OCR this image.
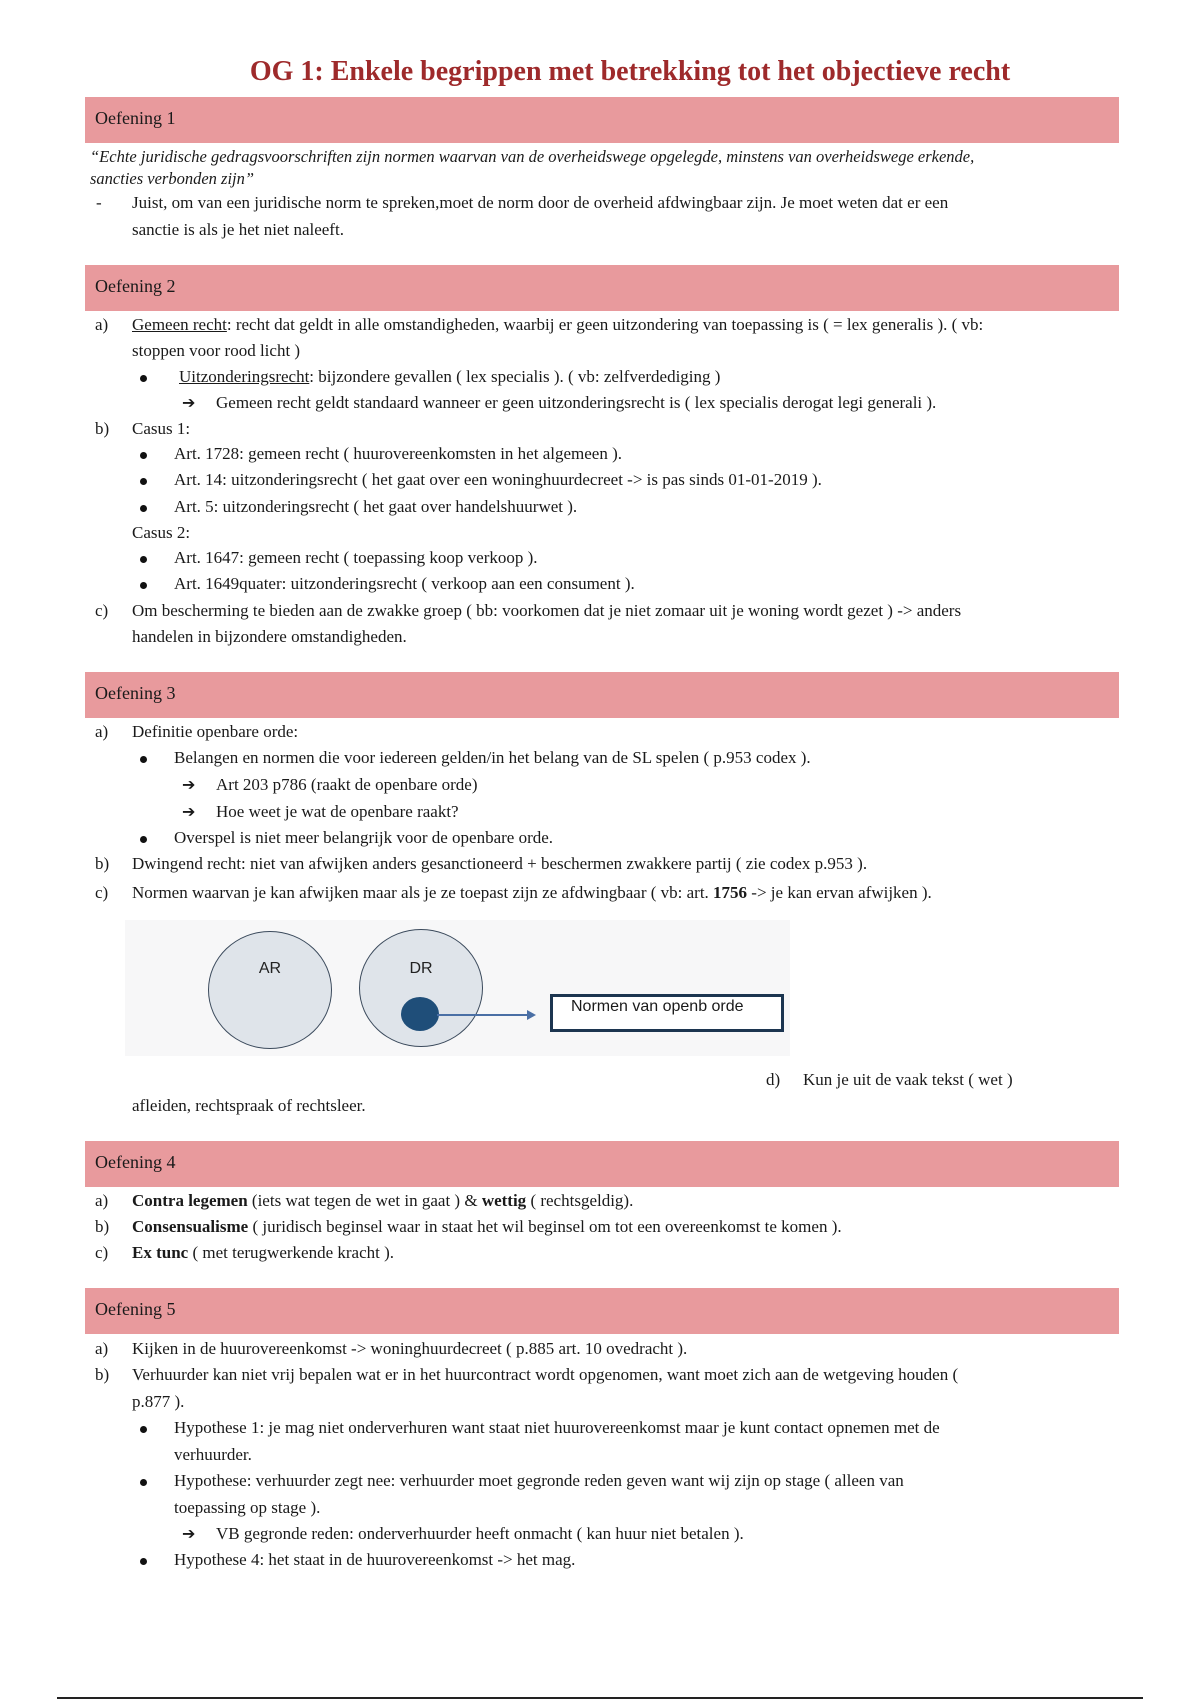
OG 1: Enkele begrippen met betrekking tot het objectieve recht
Oefening 1
“Echte juridische gedragsvoorschriften zijn normen waarvan van de overheidswege opgelegde, minstens van overheidswege erkende,
sancties verbonden zijn”
- Juist, om van een juridische norm te spreken,moet de norm door de overheid afdwingbaar zijn. Je moet weten dat er een
sanctie is als je het niet naleeft.
Oefening 2
a) Gemeen recht: recht dat geldt in alle omstandigheden, waarbij er geen uitzondering van toepassing is ( = lex generalis ). ( vb:
stoppen voor rood licht )
Uitzonderingsrecht: bijzondere gevallen ( lex specialis ). ( vb: zelfverdediging )
➔ Gemeen recht geldt standaard wanneer er geen uitzonderingsrecht is ( lex specialis derogat legi generali ).
b) Casus 1:
Art. 1728: gemeen recht ( huurovereenkomsten in het algemeen ).
Art. 14: uitzonderingsrecht ( het gaat over een woninghuurdecreet -> is pas sinds 01-01-2019 ).
Art. 5: uitzonderingsrecht ( het gaat over handelshuurwet ).
Casus 2:
Art. 1647: gemeen recht ( toepassing koop verkoop ).
Art. 1649quater: uitzonderingsrecht ( verkoop aan een consument ).
c) Om bescherming te bieden aan de zwakke groep ( bb: voorkomen dat je niet zomaar uit je woning wordt gezet ) -> anders
handelen in bijzondere omstandigheden.
Oefening 3
a) Definitie openbare orde:
Belangen en normen die voor iedereen gelden/in het belang van de SL spelen ( p.953 codex ).
➔ Art 203 p786 (raakt de openbare orde)
➔ Hoe weet je wat de openbare raakt?
Overspel is niet meer belangrijk voor de openbare orde.
b) Dwingend recht: niet van afwijken anders gesanctioneerd + beschermen zwakkere partij ( zie codex p.953 ).
c) Normen waarvan je kan afwijken maar als je ze toepast zijn ze afdwingbaar ( vb: art. 1756 -> je kan ervan afwijken ).
AR	DR
Normen van openb orde
d) Kun je uit de vaak tekst ( wet )
afleiden, rechtspraak of rechtsleer.
Oefening 4
a) Contra legemen (iets wat tegen de wet in gaat ) & wettig ( rechtsgeldig).
b) Consensualisme ( juridisch beginsel waar in staat het wil beginsel om tot een overeenkomst te komen ).
c) Ex tunc ( met terugwerkende kracht ).
Oefening 5
a) Kijken in de huurovereenkomst -> woninghuurdecreet ( p.885 art. 10 ovedracht ).
b) Verhuurder kan niet vrij bepalen wat er in het huurcontract wordt opgenomen, want moet zich aan de wetgeving houden (
p.877 ).
Hypothese 1: je mag niet onderverhuren want staat niet huurovereenkomst maar je kunt contact opnemen met de
verhuurder.
Hypothese: verhuurder zegt nee: verhuurder moet gegronde reden geven want wij zijn op stage ( alleen van
toepassing op stage ).
➔ VB gegronde reden: onderverhuurder heeft onmacht ( kan huur niet betalen ).
Hypothese 4: het staat in de huurovereenkomst -> het mag.
